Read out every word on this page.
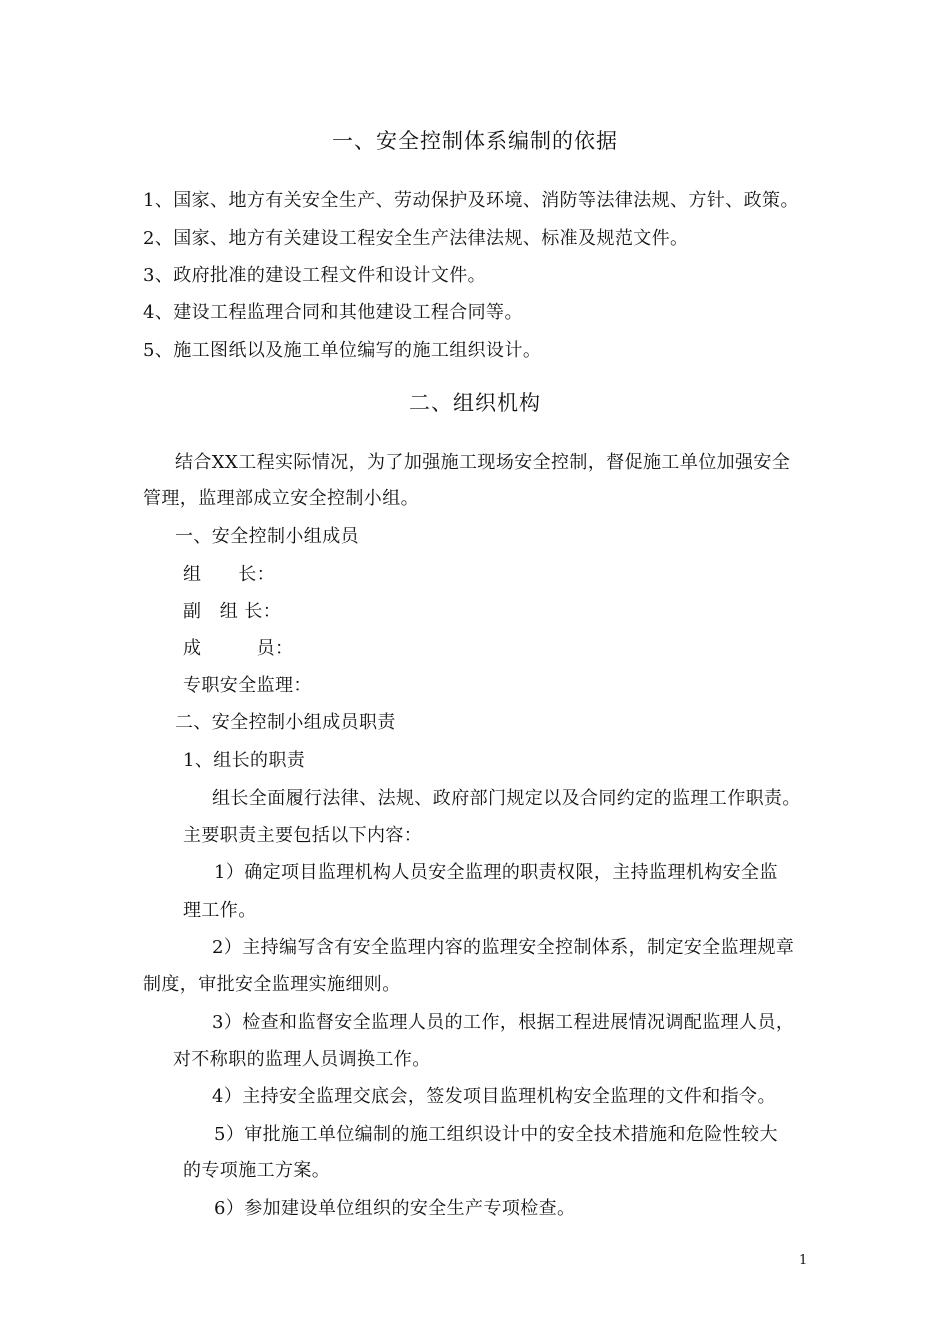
一、安全控制体系编制的依据
1、国家、地方有关安全生产、劳动保护及环境、消防等法律法规、方针、政策。
2、国家、地方有关建设工程安全生产法律法规、标准及规范文件。
3、政府批准的建设工程文件和设计文件。
4、建设工程监理合同和其他建设工程合同等。
5、施工图纸以及施工单位编写的施工组织设计。
二、组织机构
结合XX工程实际情况，为了加强施工现场安全控制，督促施工单位加强安全
管理，监理部成立安全控制小组。
一、安全控制小组成员
组　　长：
副　组 长：
成　　　员：
专职安全监理：
二、安全控制小组成员职责
1、组长的职责
组长全面履行法律、法规、政府部门规定以及合同约定的监理工作职责。
主要职责主要包括以下内容：
1）确定项目监理机构人员安全监理的职责权限，主持监理机构安全监
理工作。
2）主持编写含有安全监理内容的监理安全控制体系，制定安全监理规章
制度，审批安全监理实施细则。
3）检查和监督安全监理人员的工作，根据工程进展情况调配监理人员，
对不称职的监理人员调换工作。
4）主持安全监理交底会，签发项目监理机构安全监理的文件和指令。
5）审批施工单位编制的施工组织设计中的安全技术措施和危险性较大
的专项施工方案。
6）参加建设单位组织的安全生产专项检查。
1
